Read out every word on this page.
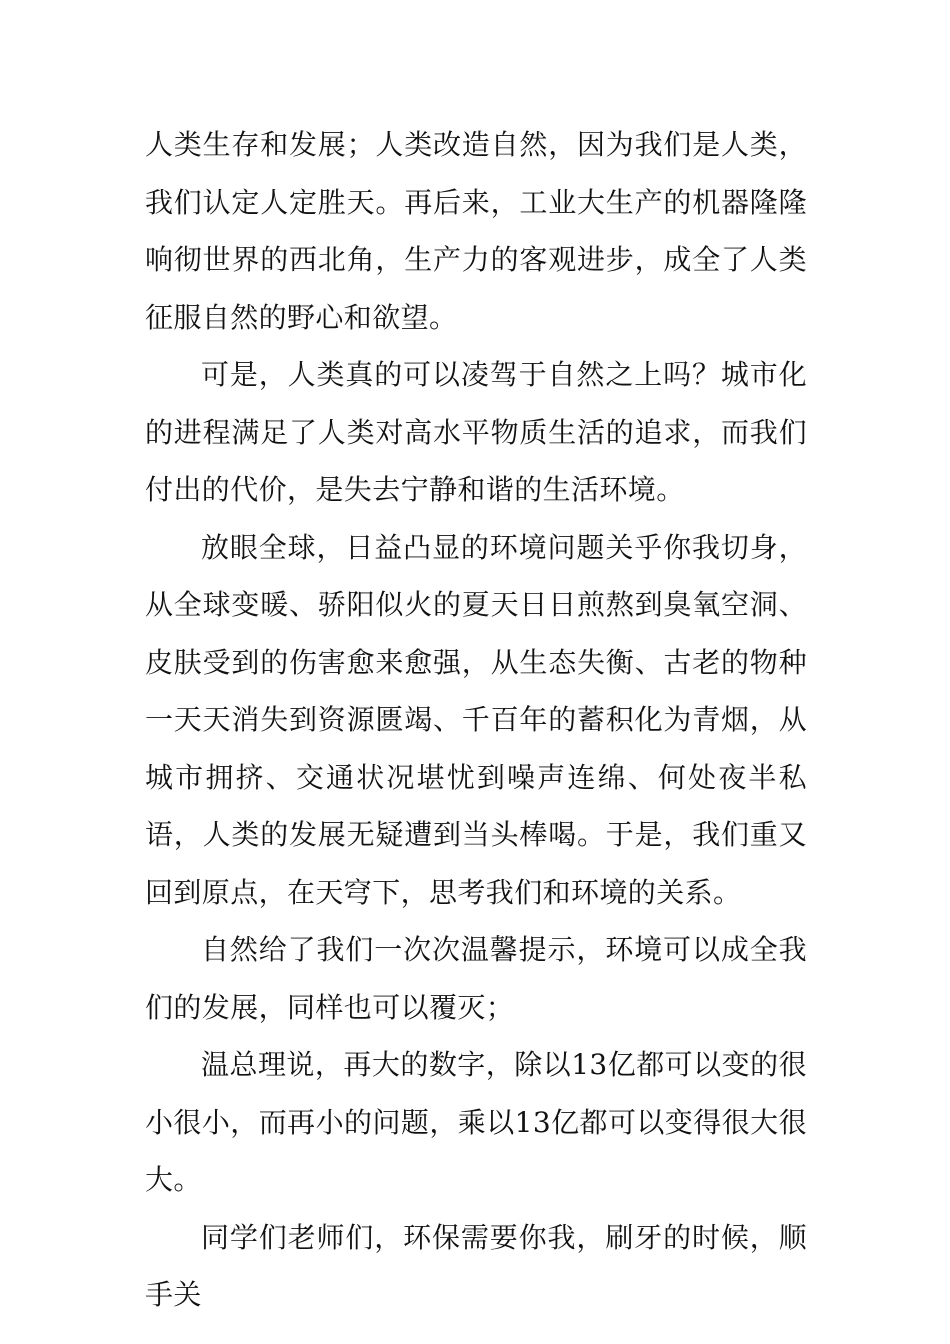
人类生存和发展；人类改造自然，因为我们是人类，我们认定人定胜天。再后来，工业大生产的机器隆隆响彻世界的西北角，生产力的客观进步，成全了人类征服自然的野心和欲望。

可是，人类真的可以凌驾于自然之上吗？城市化的进程满足了人类对高水平物质生活的追求，而我们付出的代价，是失去宁静和谐的生活环境。

放眼全球，日益凸显的环境问题关乎你我切身，从全球变暖、骄阳似火的夏天日日煎熬到臭氧空洞、皮肤受到的伤害愈来愈强，从生态失衡、古老的物种一天天消失到资源匮竭、千百年的蓄积化为青烟，从城市拥挤、交通状况堪忧到噪声连绵、何处夜半私语，人类的发展无疑遭到当头棒喝。于是，我们重又回到原点，在天穹下，思考我们和环境的关系。

自然给了我们一次次温馨提示，环境可以成全我们的发展，同样也可以覆灭；

温总理说，再大的数字，除以13亿都可以变的很小很小，而再小的问题，乘以13亿都可以变得很大很大。

同学们老师们，环保需要你我，刷牙的时候，顺手关
